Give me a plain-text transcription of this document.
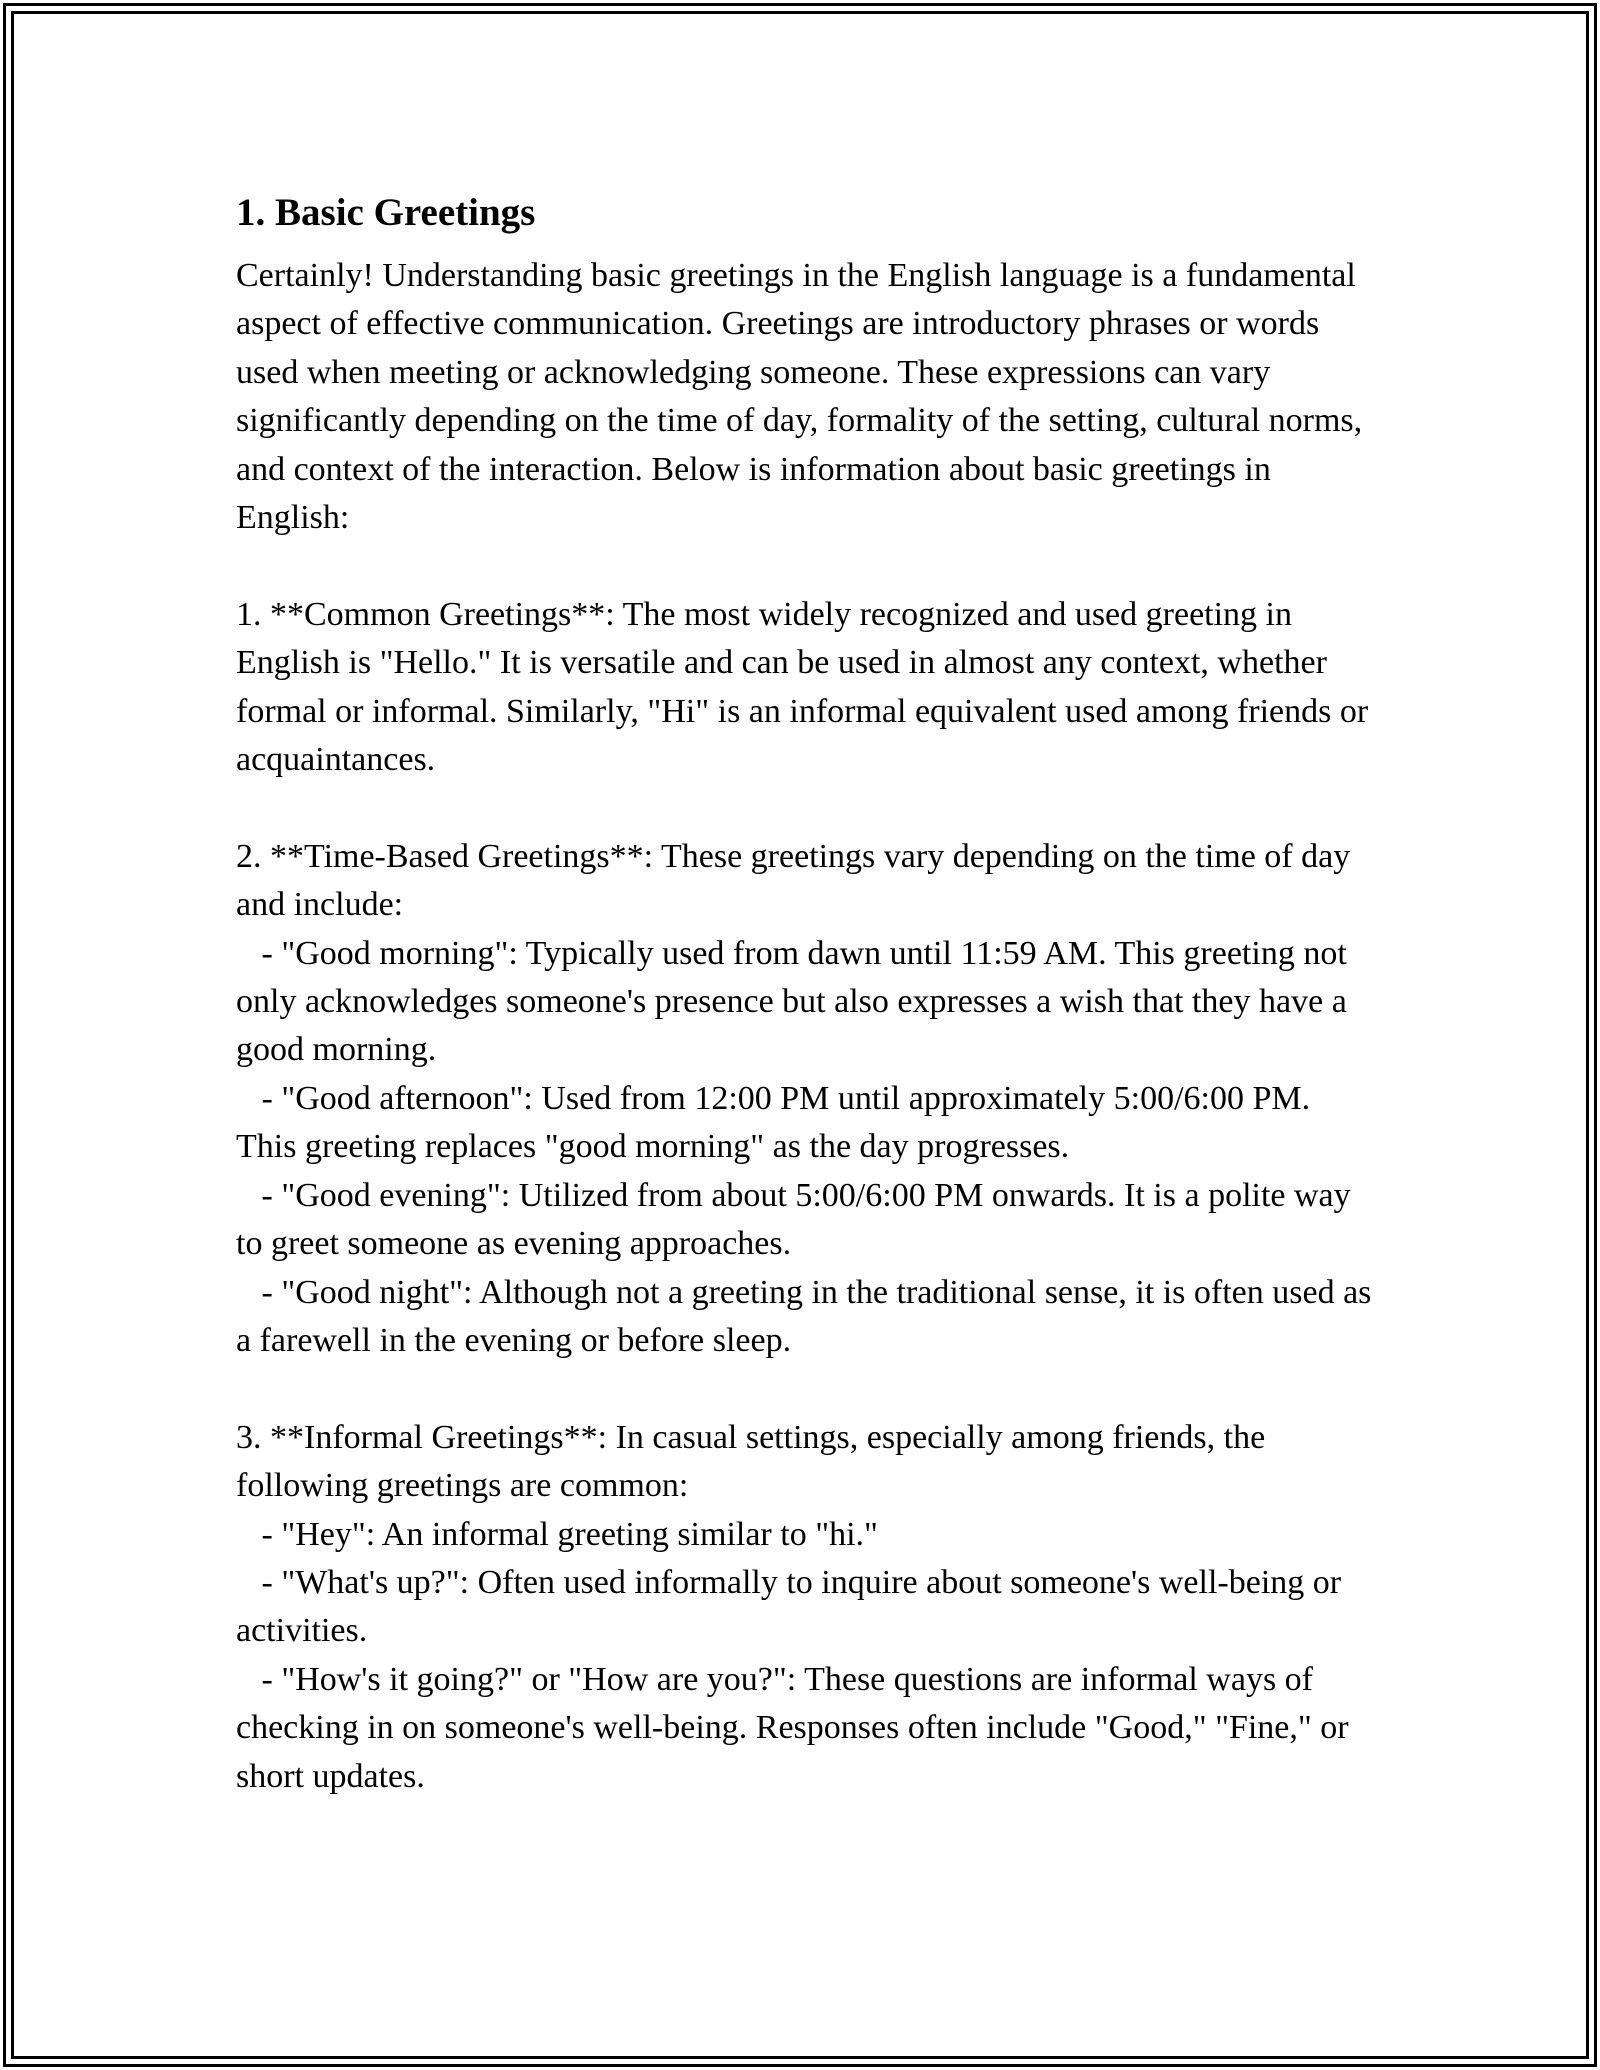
1. Basic Greetings

Certainly! Understanding basic greetings in the English language is a fundamental aspect of effective communication. Greetings are introductory phrases or words used when meeting or acknowledging someone. These expressions can vary significantly depending on the time of day, formality of the setting, cultural norms, and context of the interaction. Below is information about basic greetings in English:

1. **Common Greetings**: The most widely recognized and used greeting in English is "Hello." It is versatile and can be used in almost any context, whether formal or informal. Similarly, "Hi" is an informal equivalent used among friends or acquaintances.

2. **Time-Based Greetings**: These greetings vary depending on the time of day and include:

- "Good morning": Typically used from dawn until 11:59 AM. This greeting not only acknowledges someone's presence but also expresses a wish that they have a good morning.

- "Good afternoon": Used from 12:00 PM until approximately 5:00/6:00 PM. This greeting replaces "good morning" as the day progresses.

- "Good evening": Utilized from about 5:00/6:00 PM onwards. It is a polite way to greet someone as evening approaches.

- "Good night": Although not a greeting in the traditional sense, it is often used as a farewell in the evening or before sleep.

3. **Informal Greetings**: In casual settings, especially among friends, the following greetings are common:

- "Hey": An informal greeting similar to "hi."

- "What's up?": Often used informally to inquire about someone's well-being or activities.

- "How's it going?" or "How are you?": These questions are informal ways of checking in on someone's well-being. Responses often include "Good," "Fine," or short updates.
